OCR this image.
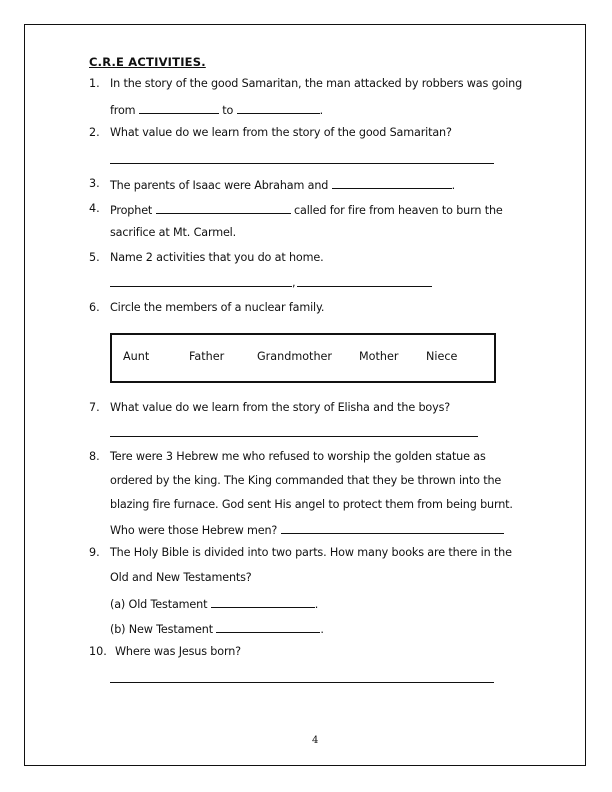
C.R.E ACTIVITIES.
1. In the story of the good Samaritan, the man attacked by robbers was going
from	to	.
2. What value do we learn from the story of the good Samaritan?
3. The parents of Isaac were Abraham and	.
4. Prophet	called for fire from heaven to burn the
sacrifice at Mt. Carmel.
5. Name 2 activities that you do at home.
,
6. Circle the members of a nuclear family.
Aunt	Father	Grandmother Mother Niece
7. What value do we learn from the story of Elisha and the boys?
8. Tere were 3 Hebrew me who refused to worship the golden statue as
ordered by the king. The King commanded that they be thrown into the
blazing fire furnace. God sent His angel to protect them from being burnt.
Who were those Hebrew men?
9. The Holy Bible is divided into two parts. How many books are there in the
Old and New Testaments?
(a) Old Testament	.
(b) New Testament	.
10. Where was Jesus born?
4
